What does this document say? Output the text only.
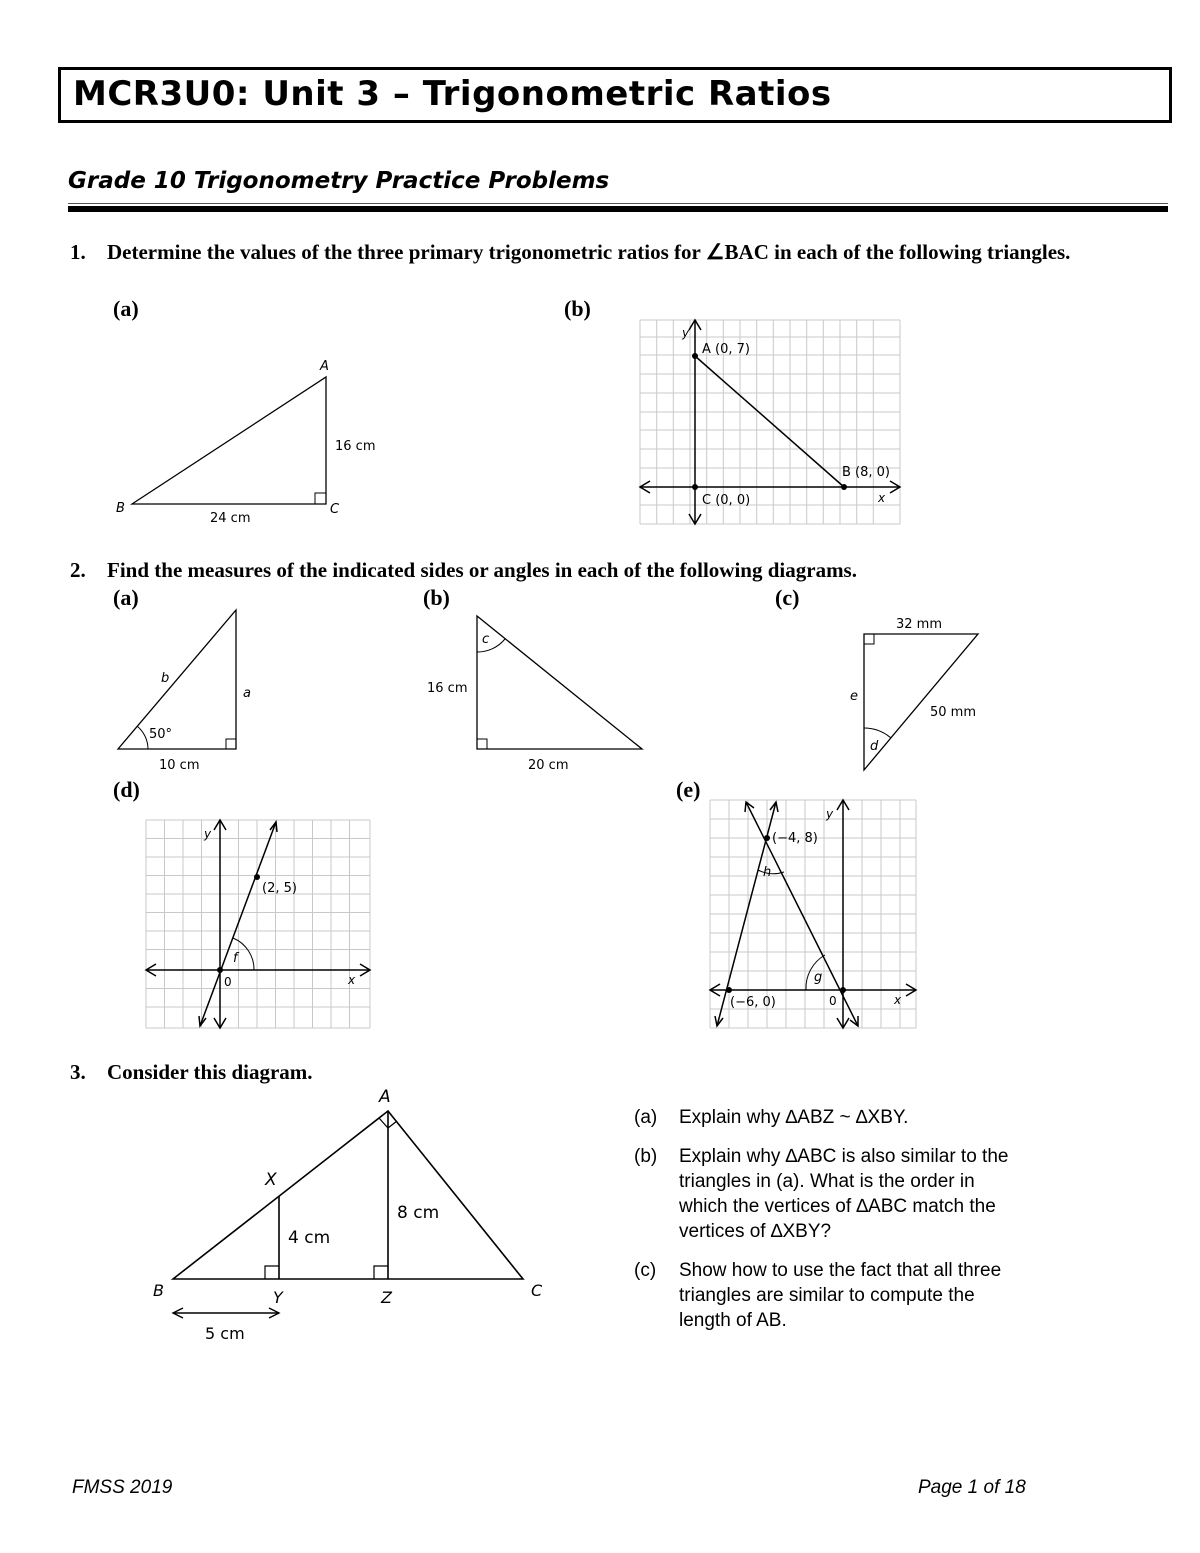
MCR3U0: Unit 3 – Trigonometric Ratios
Grade 10 Trigonometry Practice Problems
1. Determine the values of the three primary trigonometric ratios for ∠BAC in each of the following triangles.
(a)	(b)
A
B	C
16 cm
24 cm
y
x
A (0, 7)
B (8, 0)
C (0, 0)
2. Find the measures of the indicated sides or angles in each of the following diagrams.
(a)	(b)	(c)
b
a
50°
10 cm
c
16 cm
20 cm
32 mm
e
50 mm
d
(d)	(e)
y
x
(2, 5)
f
0
y
x
(−4, 8)
(−6, 0)
h
g
0
3. Consider this diagram.
A
B	C
X
Y	Z
4 cm
8 cm
5 cm
(a) Explain why ∆ABZ ~ ∆XBY.
(b) Explain why ∆ABC is also similar to the triangles in (a). What is the order in which the vertices of ∆ABC match the vertices of ∆XBY?
(c) Show how to use the fact that all three triangles are similar to compute the length of AB.
FMSS 2019	Page 1 of 18
